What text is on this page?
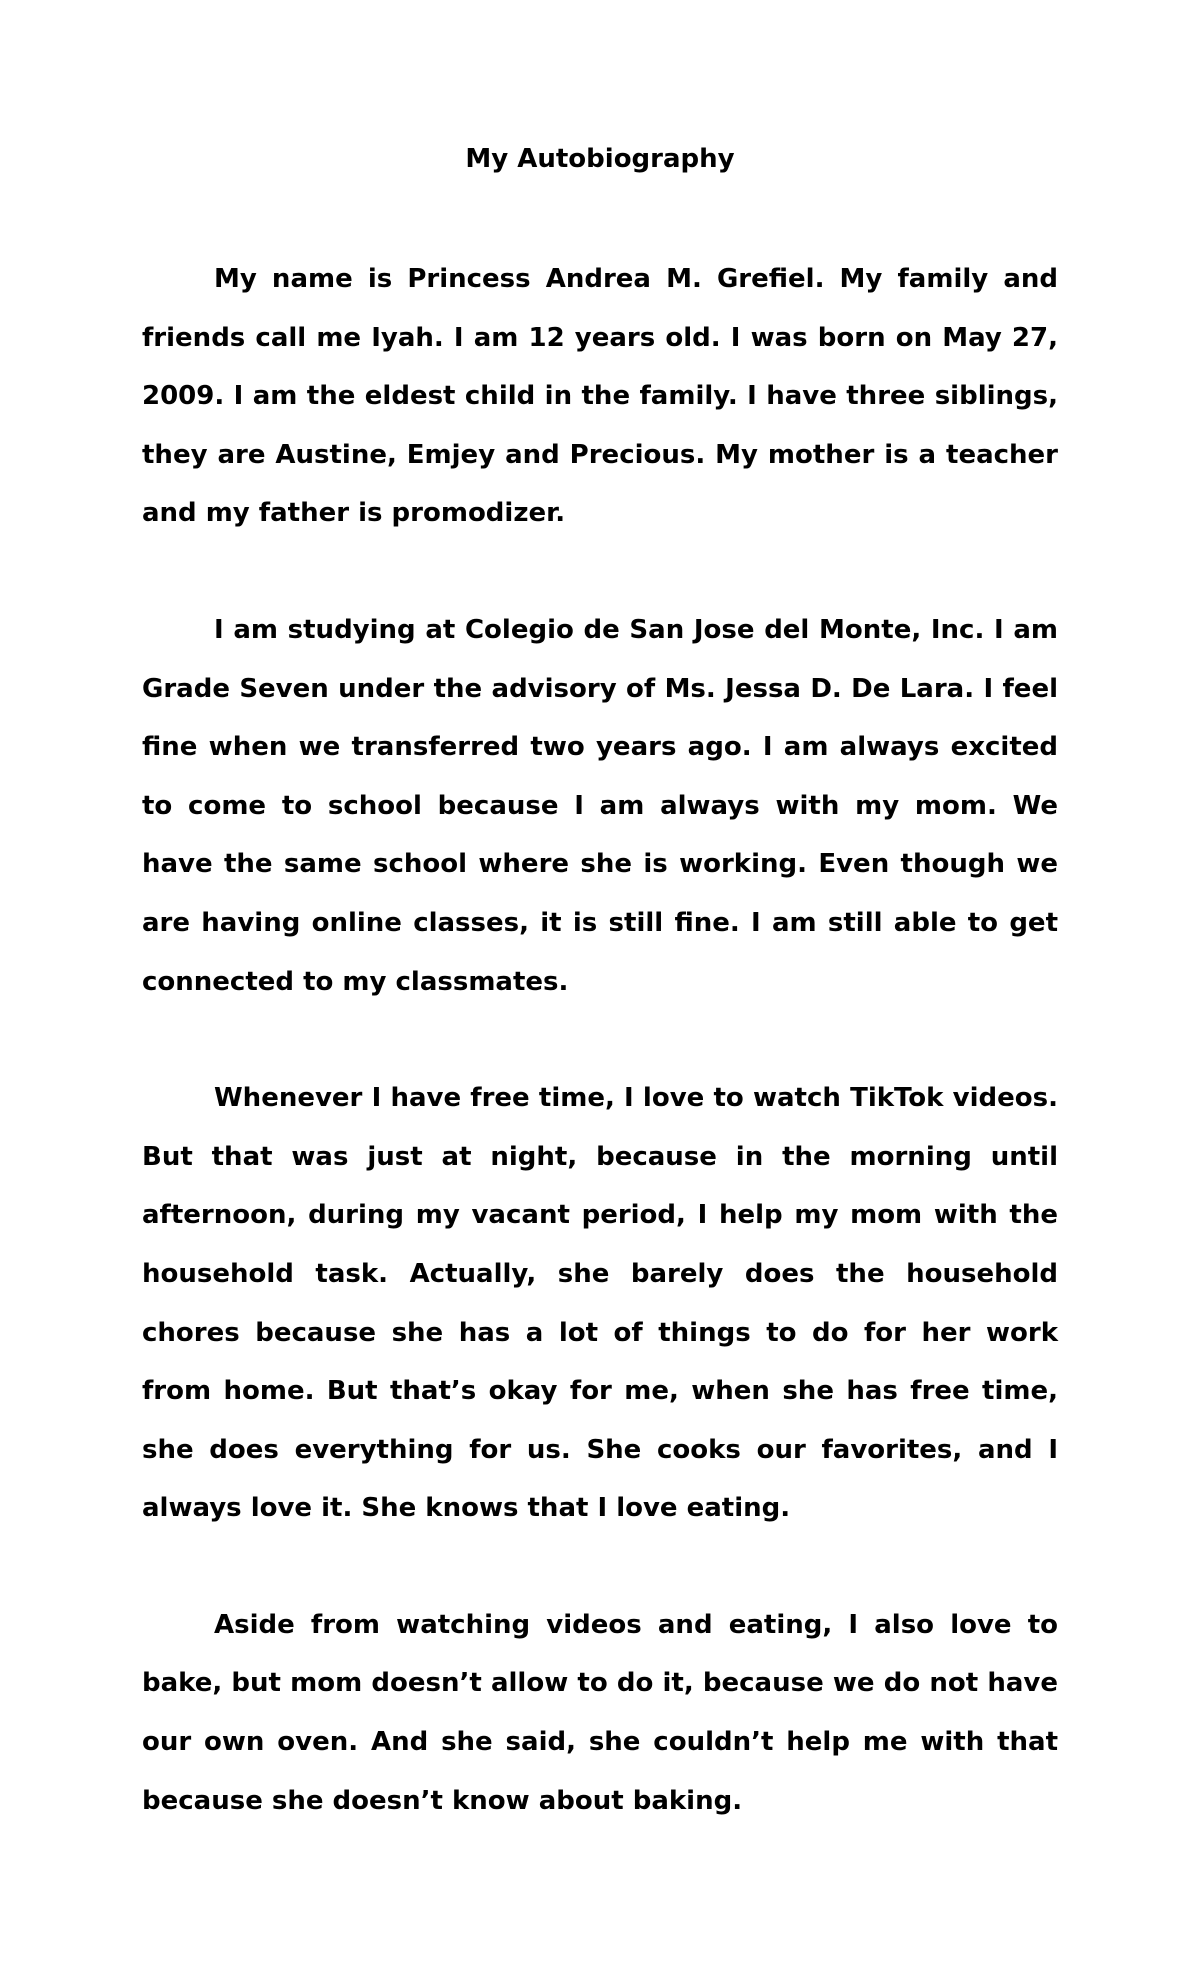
My Autobiography

My name is Princess Andrea M. Grefiel. My family and friends call me Iyah. I am 12 years old. I was born on May 27, 2009. I am the eldest child in the family. I have three siblings, they are Austine, Emjey and Precious. My mother is a teacher and my father is promodizer.

I am studying at Colegio de San Jose del Monte, Inc. I am Grade Seven under the advisory of Ms. Jessa D. De Lara. I feel fine when we transferred two years ago. I am always excited to come to school because I am always with my mom. We have the same school where she is working. Even though we are having online classes, it is still fine. I am still able to get connected to my classmates.

Whenever I have free time, I love to watch TikTok videos. But that was just at night, because in the morning until afternoon, during my vacant period, I help my mom with the household task. Actually, she barely does the household chores because she has a lot of things to do for her work from home. But that’s okay for me, when she has free time, she does everything for us. She cooks our favorites, and I always love it. She knows that I love eating.

Aside from watching videos and eating, I also love to bake, but mom doesn’t allow to do it, because we do not have our own oven. And she said, she couldn’t help me with that because she doesn’t know about baking.
